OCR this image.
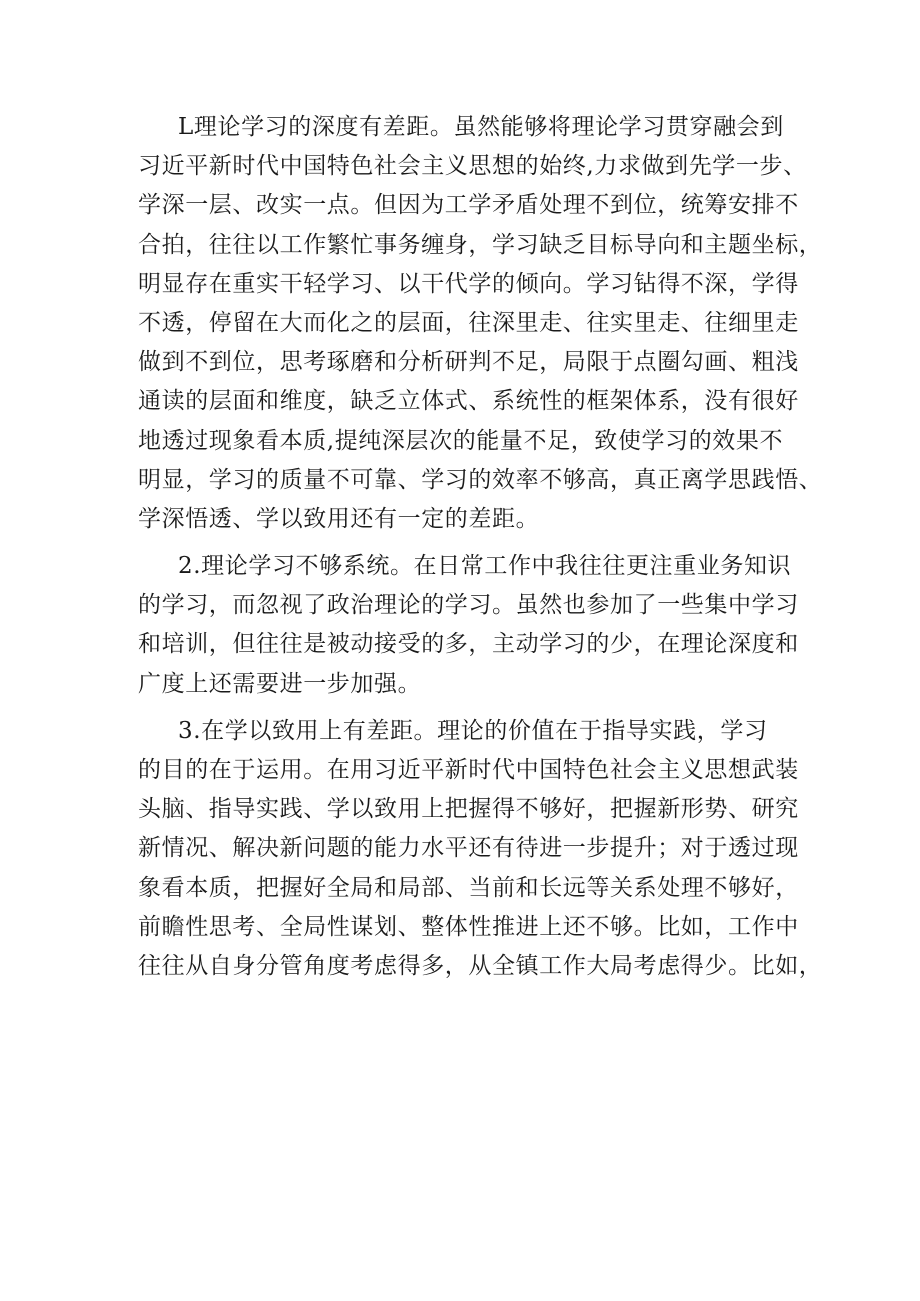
L理论学习的深度有差距。虽然能够将理论学习贯穿融会到
习近平新时代中国特色社会主义思想的始终,力求做到先学一步、
学深一层、改实一点。但因为工学矛盾处理不到位，统筹安排不
合拍，往往以工作繁忙事务缠身，学习缺乏目标导向和主题坐标，
明显存在重实干轻学习、以干代学的倾向。学习钻得不深，学得
不透，停留在大而化之的层面，往深里走、往实里走、往细里走
做到不到位，思考琢磨和分析研判不足，局限于点圈勾画、粗浅
通读的层面和维度，缺乏立体式、系统性的框架体系，没有很好
地透过现象看本质,提纯深层次的能量不足，致使学习的效果不
明显，学习的质量不可靠、学习的效率不够高，真正离学思践悟、
学深悟透、学以致用还有一定的差距。
2.理论学习不够系统。在日常工作中我往往更注重业务知识
的学习，而忽视了政治理论的学习。虽然也参加了一些集中学习
和培训，但往往是被动接受的多，主动学习的少，在理论深度和
广度上还需要进一步加强。
3.在学以致用上有差距。理论的价值在于指导实践，学习
的目的在于运用。在用习近平新时代中国特色社会主义思想武装
头脑、指导实践、学以致用上把握得不够好，把握新形势、研究
新情况、解决新问题的能力水平还有待进一步提升；对于透过现
象看本质，把握好全局和局部、当前和长远等关系处理不够好，
前瞻性思考、全局性谋划、整体性推进上还不够。比如，工作中
往往从自身分管角度考虑得多，从全镇工作大局考虑得少。比如，
